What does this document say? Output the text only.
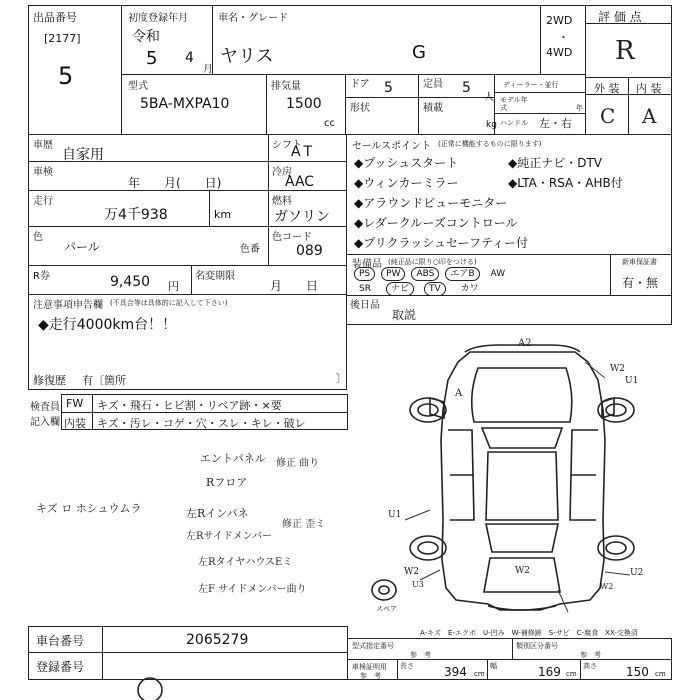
出品番号
[2177]
5
初度登録年月
令和
5 4
月
車名・グレード
ヤリス	G
2WD
・
4WD
評 価 点
R
外 装 内 装
C A
型式
5BA-MXPA10
排気量
1500
cc
ドア 5
形状
定員 5
人
積載
kg
ディーラー・並行
モデル年式	年
ハンドル 左・右
車歴
自家用
車検
年　　月(　　日)
走行
万4千938	km
色
パール	色番
シフト
AT
冷房
AAC
燃料
ガソリン
色コード
089
R券	9,450 円
名変期限
月　　日
注意事項申告欄 (不具合等は具体的に記入して下さい)
◆走行4000km台！！
修復歴 有〔箇所	〕
セールスポイント (正常に機能するものに限ります)
◆プッシュスタート	◆純正ナビ・DTV
◆ウィンカーミラー	◆LTA・RSA・AHB付
◆アラウンドビューモニター
◆レダークルーズコントロール
◆プリクラッシュセーフティー付
装備品 (純正品に限り○印をつける)	新車保証書
有・無
PS	PW	ABS	エアB	AW
SR	ナビ	TV	カワ
後日品
取説
検査員
記入欄
FW キズ・飛石・ヒビ割・リペア跡・×要
内装 キズ・汚レ・コゲ・穴・スレ・キレ・破レ
エントパネル 修正 曲り
Rフロア
キズ ロ ホシュウムラ	左Rインパネ
左Rサイドメンバー
修正 歪ミ
左RタイヤハウスEミ
左F サイドメンバー曲り
A2
W2
U1
A
U1
W2
U3
W2	U2
W2
スペア
A-キズ　E-エクボ　U-凹み　W-補修跡　S-サビ　C-腐食　XX-交換済
車台番号	2065279
登録番号
型式指定番号
参　考
類別区分番号
参　考
車検証明用
参　考
長さ	394 cm
幅	169 cm
高さ 150 cm
